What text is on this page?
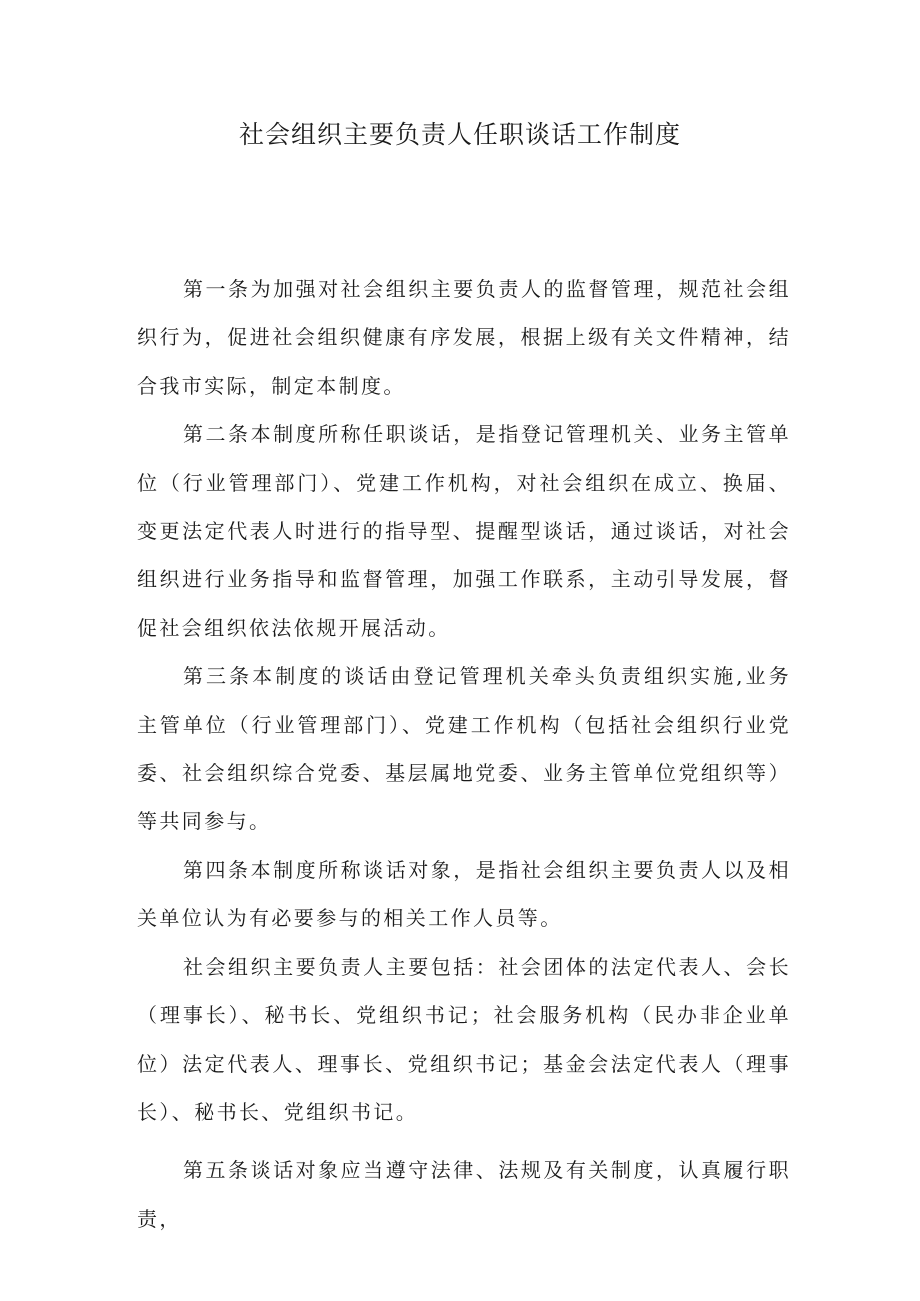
社会组织主要负责人任职谈话工作制度

第一条为加强对社会组织主要负责人的监督管理，规范社会组织行为，促进社会组织健康有序发展，根据上级有关文件精神，结合我市实际，制定本制度。

第二条本制度所称任职谈话，是指登记管理机关、业务主管单位（行业管理部门）、党建工作机构，对社会组织在成立、换届、变更法定代表人时进行的指导型、提醒型谈话，通过谈话，对社会组织进行业务指导和监督管理，加强工作联系，主动引导发展，督促社会组织依法依规开展活动。

第三条本制度的谈话由登记管理机关牵头负责组织实施,业务主管单位（行业管理部门）、党建工作机构（包括社会组织行业党委、社会组织综合党委、基层属地党委、业务主管单位党组织等）等共同参与。

第四条本制度所称谈话对象，是指社会组织主要负责人以及相关单位认为有必要参与的相关工作人员等。

社会组织主要负责人主要包括：社会团体的法定代表人、会长（理事长）、秘书长、党组织书记；社会服务机构（民办非企业单位）法定代表人、理事长、党组织书记；基金会法定代表人（理事长）、秘书长、党组织书记。

第五条谈话对象应当遵守法律、法规及有关制度，认真履行职责，
